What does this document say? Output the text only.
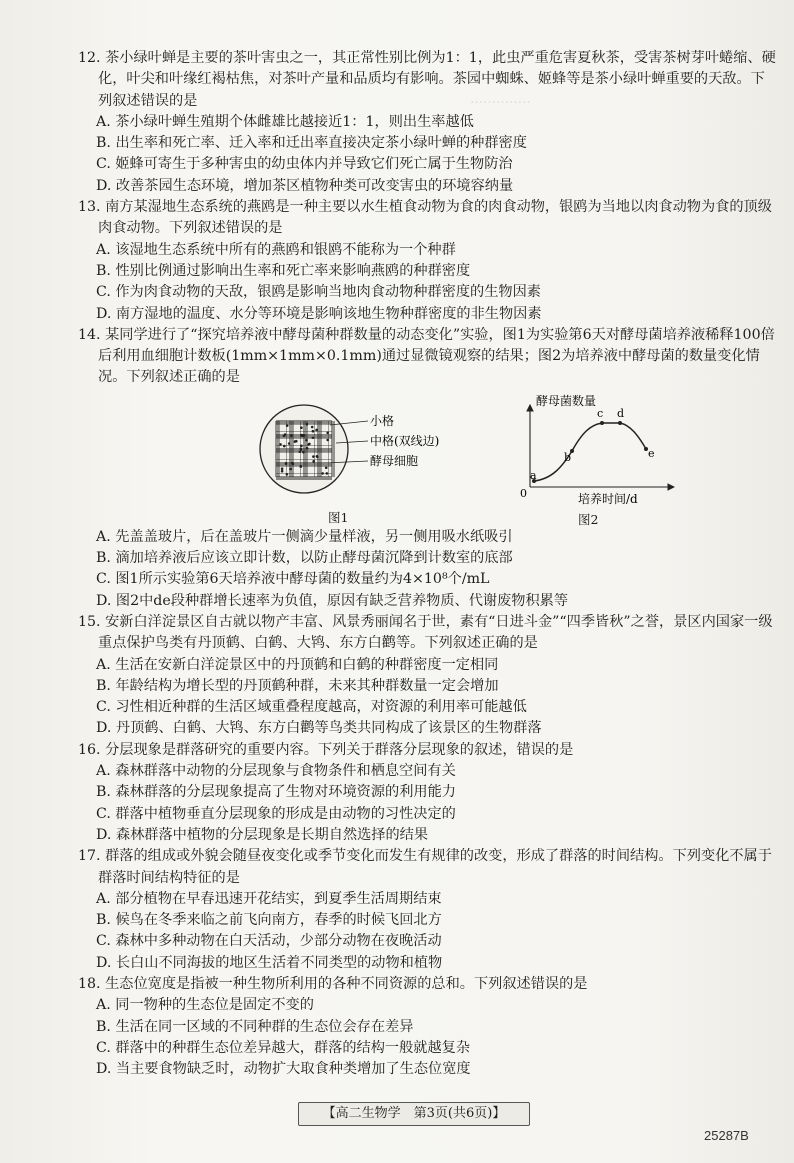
‥‥‥‥‥‥‥

12. 茶小绿叶蝉是主要的茶叶害虫之一，其正常性别比例为1：1，此虫严重危害夏秋茶，受害茶树芽叶蜷缩、硬化，叶尖和叶缘红褐枯焦，对茶叶产量和品质均有影响。茶园中蜘蛛、姬蜂等是茶小绿叶蝉重要的天敌。下列叙述错误的是

A. 茶小绿叶蝉生殖期个体雌雄比越接近1：1，则出生率越低

B. 出生率和死亡率、迁入率和迁出率直接决定茶小绿叶蝉的种群密度

C. 姬蜂可寄生于多种害虫的幼虫体内并导致它们死亡属于生物防治

D. 改善茶园生态环境，增加茶区植物种类可改变害虫的环境容纳量

13. 南方某湿地生态系统的燕鸥是一种主要以水生植食动物为食的肉食动物，银鸥为当地以肉食动物为食的顶级肉食动物。下列叙述错误的是

A. 该湿地生态系统中所有的燕鸥和银鸥不能称为一个种群

B. 性别比例通过影响出生率和死亡率来影响燕鸥的种群密度

C. 作为肉食动物的天敌，银鸥是影响当地肉食动物种群密度的生物因素

D. 南方湿地的温度、水分等环境是影响该地生物种群密度的非生物因素

14. 某同学进行了“探究培养液中酵母菌种群数量的动态变化”实验，图1为实验第6天对酵母菌培养液稀释100倍后利用血细胞计数板(1mm×1mm×0.1mm)通过显微镜观察的结果；图2为培养液中酵母菌的数量变化情况。下列叙述正确的是

小格
中格(双线边)
酵母细胞
图1
a
b
c d
e
酵母菌数量
培养时间/d
0
图2

A. 先盖盖玻片，后在盖玻片一侧滴少量样液，另一侧用吸水纸吸引

B. 滴加培养液后应该立即计数，以防止酵母菌沉降到计数室的底部

C. 图1所示实验第6天培养液中酵母菌的数量约为4×10⁸个/mL

D. 图2中de段种群增长速率为负值，原因有缺乏营养物质、代谢废物积累等

15. 安新白洋淀景区自古就以物产丰富、风景秀丽闻名于世，素有“日进斗金”“四季皆秋”之誉，景区内国家一级重点保护鸟类有丹顶鹤、白鹤、大鸨、东方白鹳等。下列叙述正确的是

A. 生活在安新白洋淀景区中的丹顶鹤和白鹤的种群密度一定相同

B. 年龄结构为增长型的丹顶鹤种群，未来其种群数量一定会增加

C. 习性相近种群的生活区域重叠程度越高，对资源的利用率可能越低

D. 丹顶鹤、白鹤、大鸨、东方白鹳等鸟类共同构成了该景区的生物群落

16. 分层现象是群落研究的重要内容。下列关于群落分层现象的叙述，错误的是

A. 森林群落中动物的分层现象与食物条件和栖息空间有关

B. 森林群落的分层现象提高了生物对环境资源的利用能力

C. 群落中植物垂直分层现象的形成是由动物的习性决定的

D. 森林群落中植物的分层现象是长期自然选择的结果

17. 群落的组成或外貌会随昼夜变化或季节变化而发生有规律的改变，形成了群落的时间结构。下列变化不属于群落时间结构特征的是

A. 部分植物在早春迅速开花结实，到夏季生活周期结束

B. 候鸟在冬季来临之前飞向南方，春季的时候飞回北方

C. 森林中多种动物在白天活动，少部分动物在夜晚活动

D. 长白山不同海拔的地区生活着不同类型的动物和植物

18. 生态位宽度是指被一种生物所利用的各种不同资源的总和。下列叙述错误的是

A. 同一物种的生态位是固定不变的

B. 生活在同一区域的不同种群的生态位会存在差异

C. 群落中的种群生态位差异越大，群落的结构一般就越复杂

D. 当主要食物缺乏时，动物扩大取食种类增加了生态位宽度

【高二生物学　第3页(共6页)】
25287B
